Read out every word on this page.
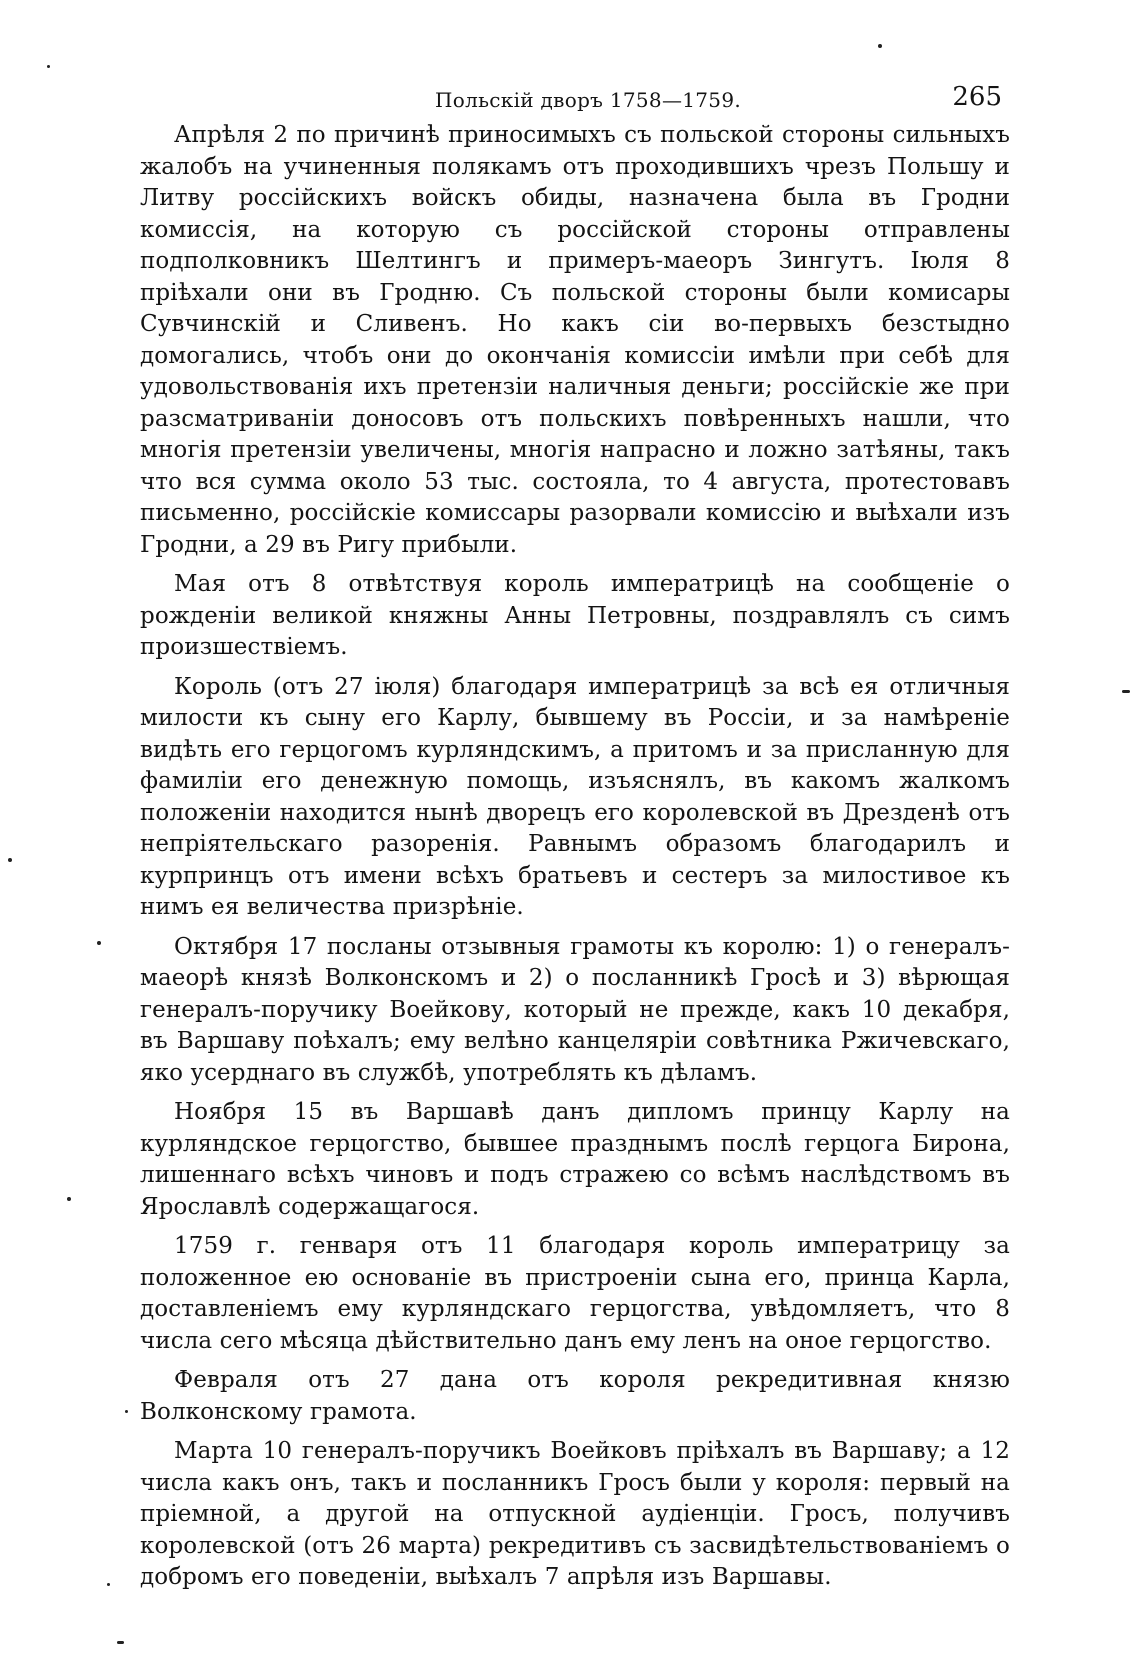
Польскій дворъ 1758—1759.	265

Апрѣля 2 по причинѣ приносимыхъ съ польской стороны сильныхъ жалобъ на учиненныя полякамъ отъ проходившихъ чрезъ Польшу и Литву россійскихъ войскъ обиды, назначена была въ Гродни комиссія, на которую съ россійской стороны отправлены подполковникъ Шелтингъ и примеръ-маеоръ Зингутъ. Іюля 8 пріѣхали они въ Гродню. Съ польской стороны были комисары Сувчинскій и Сливенъ. Но какъ сіи во-первыхъ безстыдно домогались, чтобъ они до окончанія комиссіи имѣли при себѣ для удовольствованія ихъ претензіи наличныя деньги; россійскіе же при разсматриваніи доносовъ отъ польскихъ повѣренныхъ нашли, что многія претензіи увеличены, многія напрасно и ложно затѣяны, такъ что вся сумма около 53 тыс. состояла, то 4 августа, протестовавъ письменно, россійскіе комиссары разорвали комиссію и выѣхали изъ Гродни, а 29 въ Ригу прибыли.

Мая отъ 8 отвѣтствуя король императрицѣ на сообщеніе о рожденіи великой княжны Анны Петровны, поздравлялъ съ симъ произшествіемъ.

Король (отъ 27 іюля) благодаря императрицѣ за всѣ ея отличныя милости къ сыну его Карлу, бывшему въ Россіи, и за намѣреніе видѣть его герцогомъ курляндскимъ, а притомъ и за присланную для фамиліи его денежную помощь, изъяснялъ, въ какомъ жалкомъ положеніи находится нынѣ дворецъ его королевской въ Дрезденѣ отъ непріятельскаго разоренія. Равнымъ образомъ благодарилъ и курпринцъ отъ имени всѣхъ братьевъ и сестеръ за милостивое къ нимъ ея величества призрѣніе.

Октября 17 посланы отзывныя грамоты къ королю: 1) о генералъ-маеорѣ князѣ Волконскомъ и 2) о посланникѣ Гросѣ и 3) вѣрющая генералъ-поручику Воейкову, который не прежде, какъ 10 декабря, въ Варшаву поѣхалъ; ему велѣно канцеляріи совѣтника Ржичевскаго, яко усерднаго въ службѣ, употреблять къ дѣламъ.

Ноября 15 въ Варшавѣ данъ дипломъ принцу Карлу на курляндское герцогство, бывшее празднымъ послѣ герцога Бирона, лишеннаго всѣхъ чиновъ и подъ стражею со всѣмъ наслѣдствомъ въ Ярославлѣ содержащагося.

1759 г. генваря отъ 11 благодаря король императрицу за положенное ею основаніе въ пристроеніи сына его, принца Карла, доставленіемъ ему курляндскаго герцогства, увѣдомляетъ, что 8 числа сего мѣсяца дѣйствительно данъ ему ленъ на оное герцогство.

Февраля отъ 27 дана отъ короля рекредитивная князю Волконскому грамота.

Марта 10 генералъ-поручикъ Воейковъ пріѣхалъ въ Варшаву; а 12 числа какъ онъ, такъ и посланникъ Гросъ были у короля: первый на пріемной, а другой на отпускной аудіенціи. Гросъ, получивъ королевской (отъ 26 марта) рекредитивъ съ засвидѣтельствованіемъ о добромъ его поведеніи, выѣхалъ 7 апрѣля изъ Варшавы.
